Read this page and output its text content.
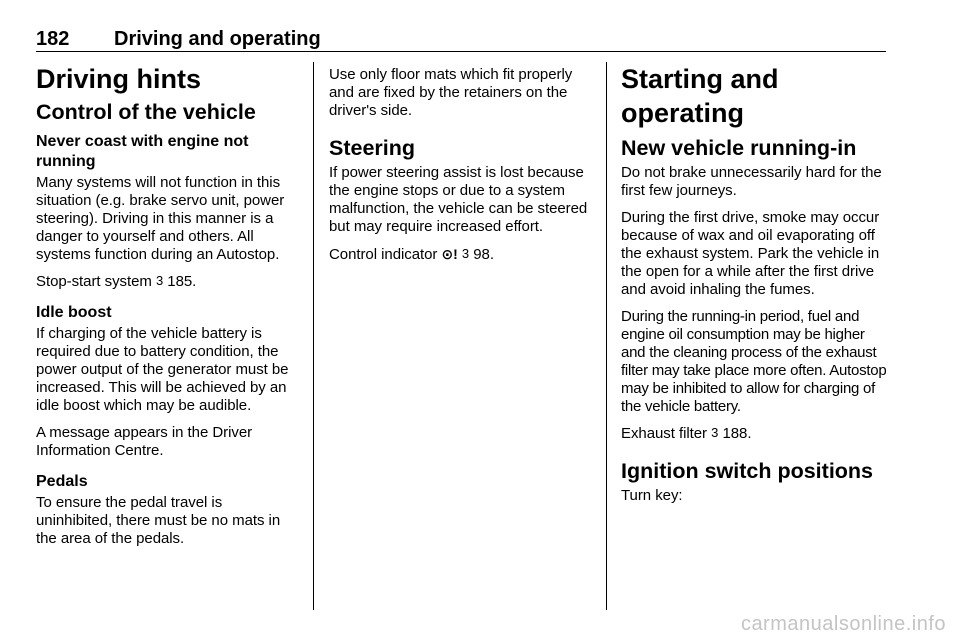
182 Driving and operating
Driving hints
Control of the vehicle
Never coast with engine not running
Many systems will not function in this situation (e.g. brake servo unit, power steering). Driving in this manner is a danger to yourself and others. All systems function during an Autostop.
Stop-start system 3 185.
Idle boost
If charging of the vehicle battery is required due to battery condition, the power output of the generator must be increased. This will be achieved by an idle boost which may be audible.
A message appears in the Driver Information Centre.
Pedals
To ensure the pedal travel is uninhibited, there must be no mats in the area of the pedals.
Use only floor mats which fit properly and are fixed by the retainers on the driver's side.
Steering
If power steering assist is lost because the engine stops or due to a system malfunction, the vehicle can be steered but may require increased effort.
Control indicator ⊙! 3 98.
Starting and operating
New vehicle running-in
Do not brake unnecessarily hard for the first few journeys.
During the first drive, smoke may occur because of wax and oil evaporating off the exhaust system. Park the vehicle in the open for a while after the first drive and avoid inhaling the fumes.
During the running-in period, fuel and engine oil consumption may be higher and the cleaning process of the exhaust filter may take place more often. Autostop may be inhibited to allow for charging of the vehicle battery.
Exhaust filter 3 188.
Ignition switch positions
Turn key:
carmanualsonline.info
